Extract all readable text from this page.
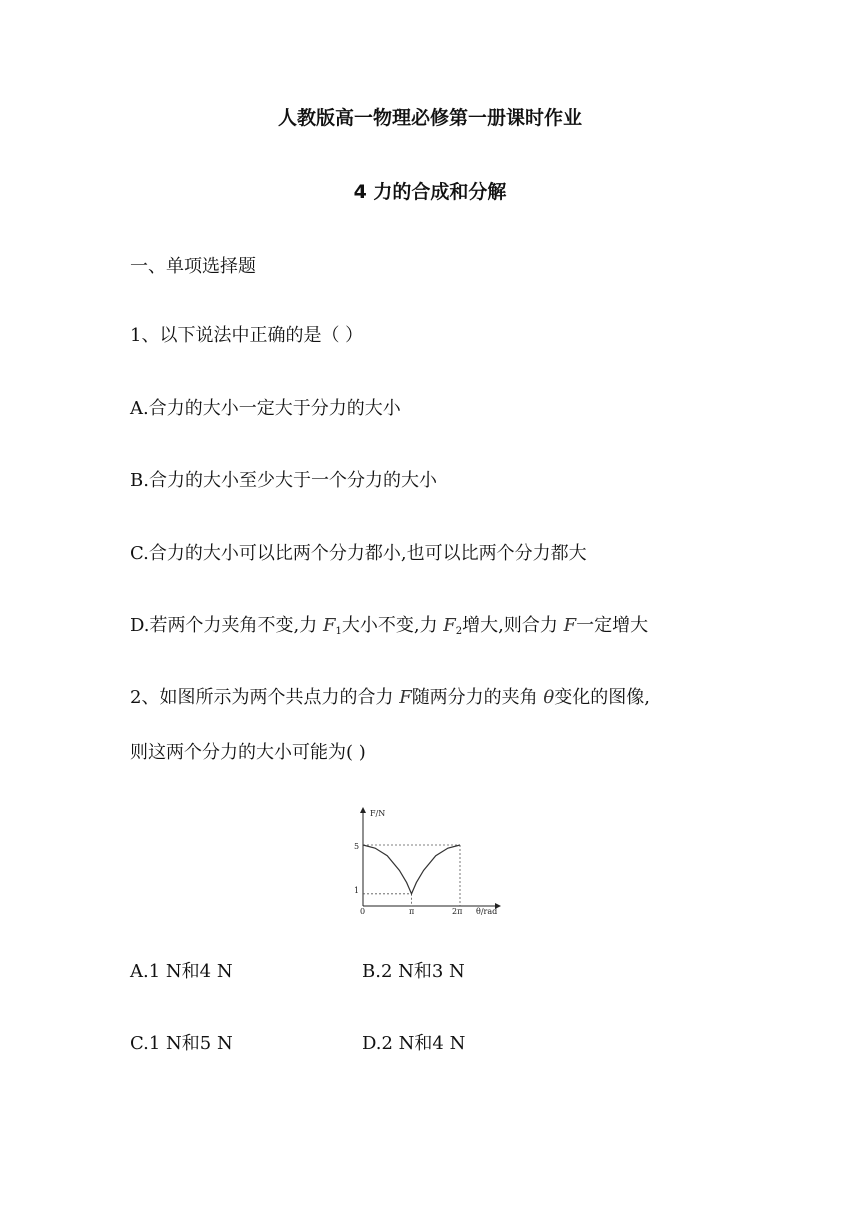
人教版高一物理必修第一册课时作业
4 力的合成和分解
一、单项选择题
1、以下说法中正确的是（ ）
A.合力的大小一定大于分力的大小
B.合力的大小至少大于一个分力的大小
C.合力的大小可以比两个分力都小,也可以比两个分力都大
D.若两个力夹角不变,力 $F_1$大小不变,力 $F_2$增大,则合力 F一定增大
2、如图所示为两个共点力的合力 F随两分力的夹角 θ变化的图像,
则这两个分力的大小可能为( )
F/N
0
5
1
π	2π θ/rad
A.1 N和4 N	B.2 N和3 N
C.1 N和5 N	D.2 N和4 N
